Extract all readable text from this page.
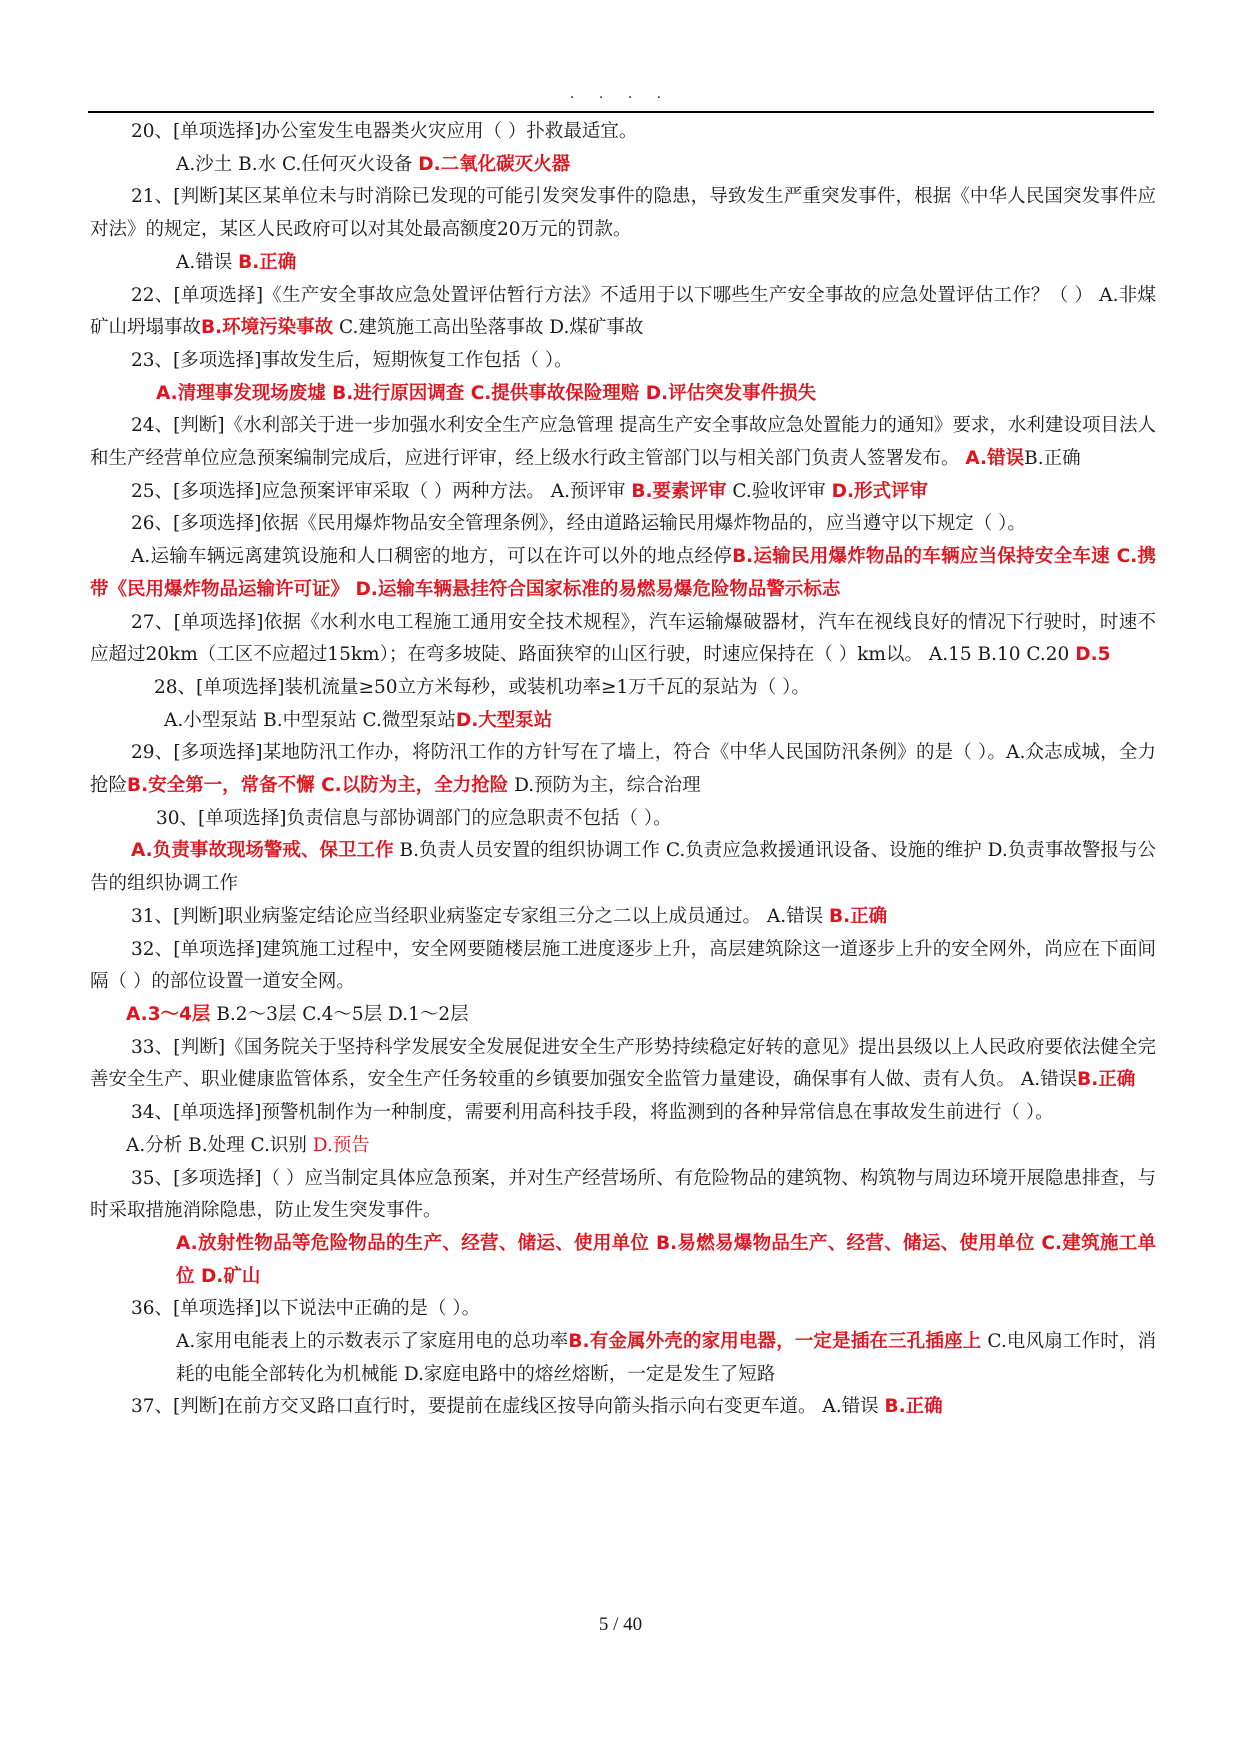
. . . .

20、[单项选择]办公室发生电器类火灾应用（ ）扑救最适宜。

A.沙土 B.水 C.任何灭火设备 D.二氧化碳灭火器

21、[判断]某区某单位未与时消除已发现的可能引发突发事件的隐患，导致发生严重突发事件，根据《中华人民国突发事件应对法》的规定，某区人民政府可以对其处最高额度20万元的罚款。

A.错误 B.正确

22、[单项选择]《生产安全事故应急处置评估暂行方法》不适用于以下哪些生产安全事故的应急处置评估工作？（ ） A.非煤矿山坍塌事故B.环境污染事故 C.建筑施工高出坠落事故 D.煤矿事故

23、[多项选择]事故发生后，短期恢复工作包括（ ）。

A.清理事发现场废墟 B.进行原因调查 C.提供事故保险理赔 D.评估突发事件损失

24、[判断]《水利部关于进一步加强水利安全生产应急管理 提高生产安全事故应急处置能力的通知》要求，水利建设项目法人和生产经营单位应急预案编制完成后，应进行评审，经上级水行政主管部门以与相关部门负责人签署发布。 A.错误B.正确

25、[多项选择]应急预案评审采取（ ）两种方法。 A.预评审 B.要素评审 C.验收评审 D.形式评审

26、[多项选择]依据《民用爆炸物品安全管理条例》，经由道路运输民用爆炸物品的，应当遵守以下规定（ ）。

A.运输车辆远离建筑设施和人口稠密的地方，可以在许可以外的地点经停B.运输民用爆炸物品的车辆应当保持安全车速 C.携带《民用爆炸物品运输许可证》 D.运输车辆悬挂符合国家标准的易燃易爆危险物品警示标志

27、[单项选择]依据《水利水电工程施工通用安全技术规程》，汽车运输爆破器材，汽车在视线良好的情况下行驶时，时速不应超过20km（工区不应超过15km）；在弯多坡陡、路面狭窄的山区行驶，时速应保持在（ ）km以。 A.15 B.10 C.20 D.5

28、[单项选择]装机流量≥50立方米每秒，或装机功率≥1万千瓦的泵站为（ ）。

A.小型泵站 B.中型泵站 C.微型泵站D.大型泵站

29、[多项选择]某地防汛工作办，将防汛工作的方针写在了墙上，符合《中华人民国防汛条例》的是（ ）。A.众志成城，全力抢险B.安全第一，常备不懈 C.以防为主，全力抢险 D.预防为主，综合治理

30、[单项选择]负责信息与部协调部门的应急职责不包括（ ）。

A.负责事故现场警戒、保卫工作 B.负责人员安置的组织协调工作 C.负责应急救援通讯设备、设施的维护 D.负责事故警报与公告的组织协调工作

31、[判断]职业病鉴定结论应当经职业病鉴定专家组三分之二以上成员通过。 A.错误 B.正确

32、[单项选择]建筑施工过程中，安全网要随楼层施工进度逐步上升，高层建筑除这一道逐步上升的安全网外，尚应在下面间隔（ ）的部位设置一道安全网。

A.3～4层 B.2～3层 C.4～5层 D.1～2层

33、[判断]《国务院关于坚持科学发展安全发展促进安全生产形势持续稳定好转的意见》提出县级以上人民政府要依法健全完善安全生产、职业健康监管体系，安全生产任务较重的乡镇要加强安全监管力量建设，确保事有人做、责有人负。 A.错误B.正确

34、[单项选择]预警机制作为一种制度，需要利用高科技手段，将监测到的各种异常信息在事故发生前进行（ ）。

A.分析 B.处理 C.识别 D.预告

35、[多项选择]（ ）应当制定具体应急预案，并对生产经营场所、有危险物品的建筑物、构筑物与周边环境开展隐患排查，与时采取措施消除隐患，防止发生突发事件。

A.放射性物品等危险物品的生产、经营、储运、使用单位 B.易燃易爆物品生产、经营、储运、使用单位 C.建筑施工单位 D.矿山

36、[单项选择]以下说法中正确的是（ ）。

A.家用电能表上的示数表示了家庭用电的总功率B.有金属外壳的家用电器，一定是插在三孔插座上 C.电风扇工作时，消耗的电能全部转化为机械能 D.家庭电路中的熔丝熔断，一定是发生了短路

37、[判断]在前方交叉路口直行时，要提前在虚线区按导向箭头指示向右变更车道。 A.错误 B.正确

5 / 40
